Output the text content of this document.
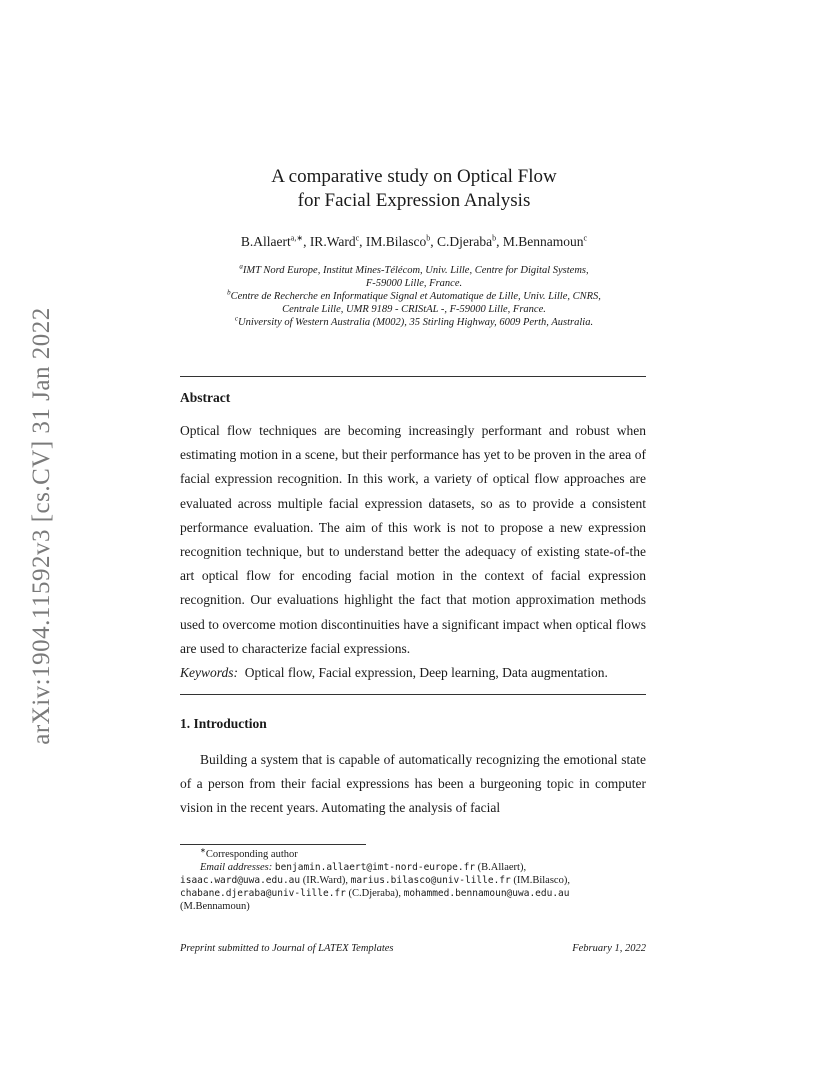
arXiv:1904.11592v3 [cs.CV] 31 Jan 2022
A comparative study on Optical Flow
for Facial Expression Analysis
B.Allaert$^{a,∗}$, IR.Ward$^c$, IM.Bilasco$^b$, C.Djeraba$^b$, M.Bennamoun$^c$
$^a$IMT Nord Europe, Institut Mines-Télécom, Univ. Lille, Centre for Digital Systems,
F-59000 Lille, France.
$^b$Centre de Recherche en Informatique Signal et Automatique de Lille, Univ. Lille, CNRS,
Centrale Lille, UMR 9189 - CRIStAL -, F-59000 Lille, France.
$^c$University of Western Australia (M002), 35 Stirling Highway, 6009 Perth, Australia.
Abstract
Optical flow techniques are becoming increasingly performant and robust when estimating motion in a scene, but their performance has yet to be proven in the area of facial expression recognition. In this work, a variety of optical flow approaches are evaluated across multiple facial expression datasets, so as to provide a consistent performance evaluation. The aim of this work is not to propose a new expression recognition technique, but to understand better the adequacy of existing state-of-the art optical flow for encoding facial motion in the context of facial expression recognition. Our evaluations highlight the fact that motion approximation methods used to overcome motion discontinuities have a significant impact when optical flows are used to characterize facial expressions.
Keywords: Optical flow, Facial expression, Deep learning, Data augmentation.
1. Introduction
Building a system that is capable of automatically recognizing the emotional state of a person from their facial expressions has been a burgeoning topic in computer vision in the recent years. Automating the analysis of facial
∗Corresponding author
Email addresses: benjamin.allaert@imt-nord-europe.fr (B.Allaert),
isaac.ward@uwa.edu.au (IR.Ward), marius.bilasco@univ-lille.fr (IM.Bilasco),
chabane.djeraba@univ-lille.fr (C.Djeraba), mohammed.bennamoun@uwa.edu.au
(M.Bennamoun)
Preprint submitted to Journal of LATEX Templates	February 1, 2022
